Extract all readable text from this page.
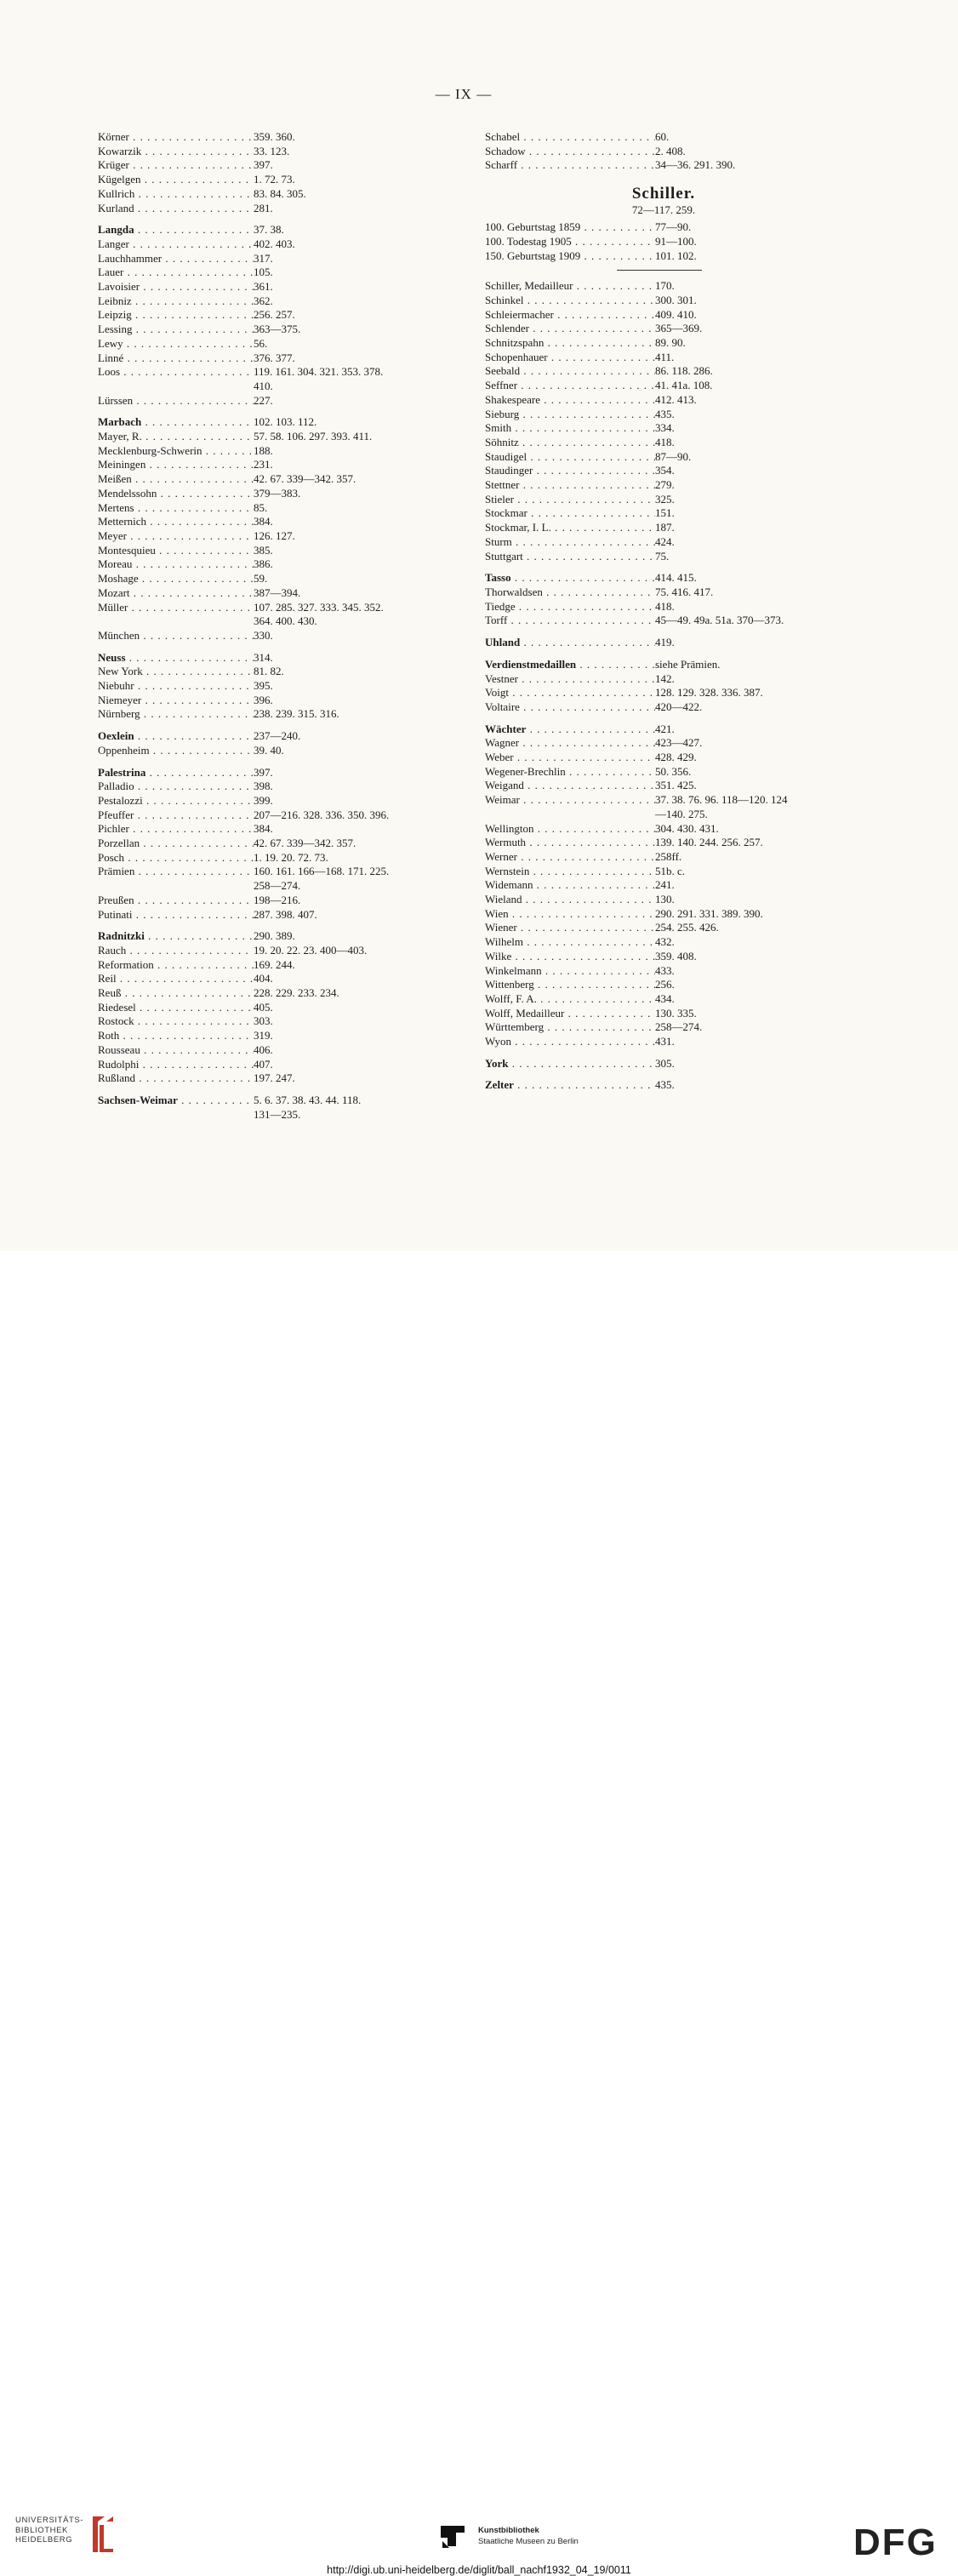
— IX —
Körner . . .	359. 360.
Kowarzik . . .	33. 123.
Krüger . . .	397.
Kügelgen . . .	1. 72. 73.
Kullrich . . .	83. 84. 305.
Kurland . . .	281.
Langda . . .	37. 38.
Langer . . .	402. 403.
Lauchhammer . . .	317.
Lauer . . .	105.
Lavoisier . . .	361.
Leibniz . . .	362.
Leipzig . . .	256. 257.
Lessing . . .	363—375.
Lewy . . .	56.
Linné . . .	376. 377.
Loos . . .	119. 161. 304. 321. 353. 378.
410.
Lürssen . . .	227.
Marbach . . .	102. 103. 112.
Mayer, R. . . .	57. 58. 106. 297. 393. 411.
Mecklenburg-Schwerin . . .	188.
Meiningen . . .	231.
Meißen . . .	42. 67. 339—342. 357.
Mendelssohn . . .	379—383.
Mertens . . .	85.
Metternich . . .	384.
Meyer . . .	126. 127.
Montesquieu . . .	385.
Moreau . . .	386.
Moshage . . .	59.
Mozart . . .	387—394.
Müller . . .	107. 285. 327. 333. 345. 352.
364. 400. 430.
München . . .	330.
Neuss . . .	314.
New York . . .	81. 82.
Niebuhr . . .	395.
Niemeyer . . .	396.
Nürnberg . . .	238. 239. 315. 316.
Oexlein . . .	237—240.
Oppenheim . . .	39. 40.
Palestrina . . .	397.
Palladio . . .	398.
Pestalozzi . . .	399.
Pfeuffer . . .	207—216. 328. 336. 350. 396.
Pichler . . .	384.
Porzellan . . .	42. 67. 339—342. 357.
Posch . . .	1. 19. 20. 72. 73.
Prämien . . .	160. 161. 166—168. 171. 225.
258—274.
Preußen . . .	198—216.
Putinati . . .	287. 398. 407.
Radnitzki . . .	290. 389.
Rauch . . .	19. 20. 22. 23. 400—403.
Reformation . . .	169. 244.
Reil . . .	404.
Reuß . . .	228. 229. 233. 234.
Riedesel . . .	405.
Rostock . . .	303.
Roth . . .	319.
Rousseau . . .	406.
Rudolphi . . .	407.
Rußland . . .	197. 247.
Sachsen-Weimar . . .	5. 6. 37. 38. 43. 44. 118.
131—235.
Schabel . . .	60.
Schadow . . .	2. 408.
Scharff . . .	34—36. 291. 390.
Schiller.
72—117. 259.
100. Geburtstag 1859 . . .	77—90.
100. Todestag 1905 . . .	91—100.
150. Geburtstag 1909 . . .	101. 102.
Schiller, Medailleur . . .	170.
Schinkel . . .	300. 301.
Schleiermacher . . .	409. 410.
Schlender . . .	365—369.
Schnitzspahn . . .	89. 90.
Schopenhauer . . .	411.
Seebald . . .	86. 118. 286.
Seffner . . .	41. 41a. 108.
Shakespeare . . .	412. 413.
Sieburg . . .	435.
Smith . . .	334.
Söhnitz . . .	418.
Staudigel . . .	87—90.
Staudinger . . .	354.
Stettner . . .	279.
Stieler . . .	325.
Stockmar . . .	151.
Stockmar, I. L. . . .	187.
Sturm . . .	424.
Stuttgart . . .	75.
Tasso . . .	414. 415.
Thorwaldsen . . .	75. 416. 417.
Tiedge . . .	418.
Torff . . .	45—49. 49a. 51a. 370—373.
Uhland . . .	419.
Verdienstmedaillen . . .	siehe Prämien.
Vestner . . .	142.
Voigt . . .	128. 129. 328. 336. 387.
Voltaire . . .	420—422.
Wächter . . .	421.
Wagner . . .	423—427.
Weber . . .	428. 429.
Wegener-Brechlin . . .	50. 356.
Weigand . . .	351. 425.
Weimar . . .	37. 38. 76. 96. 118—120. 124
—140. 275.
Wellington . . .	304. 430. 431.
Wermuth . . .	139. 140. 244. 256. 257.
Werner . . .	258ff.
Wernstein . . .	51b. c.
Widemann . . .	241.
Wieland . . .	130.
Wien . . .	290. 291. 331. 389. 390.
Wiener . . .	254. 255. 426.
Wilhelm . . .	432.
Wilke . . .	359. 408.
Winkelmann . . .	433.
Wittenberg . . .	256.
Wolff, F. A. . . .	434.
Wolff, Medailleur . . .	130. 335.
Württemberg . . .	258—274.
Wyon . . .	431.
York . . .	305.
Zelter . . .	435.
UNIVERSITÄTS-
BIBLIOTHEK
HEIDELBERG
Kunstbibliothek
Staatliche Museen zu Berlin	DFG
http://digi.ub.uni-heidelberg.de/diglit/ball_nachf1932_04_19/0011
